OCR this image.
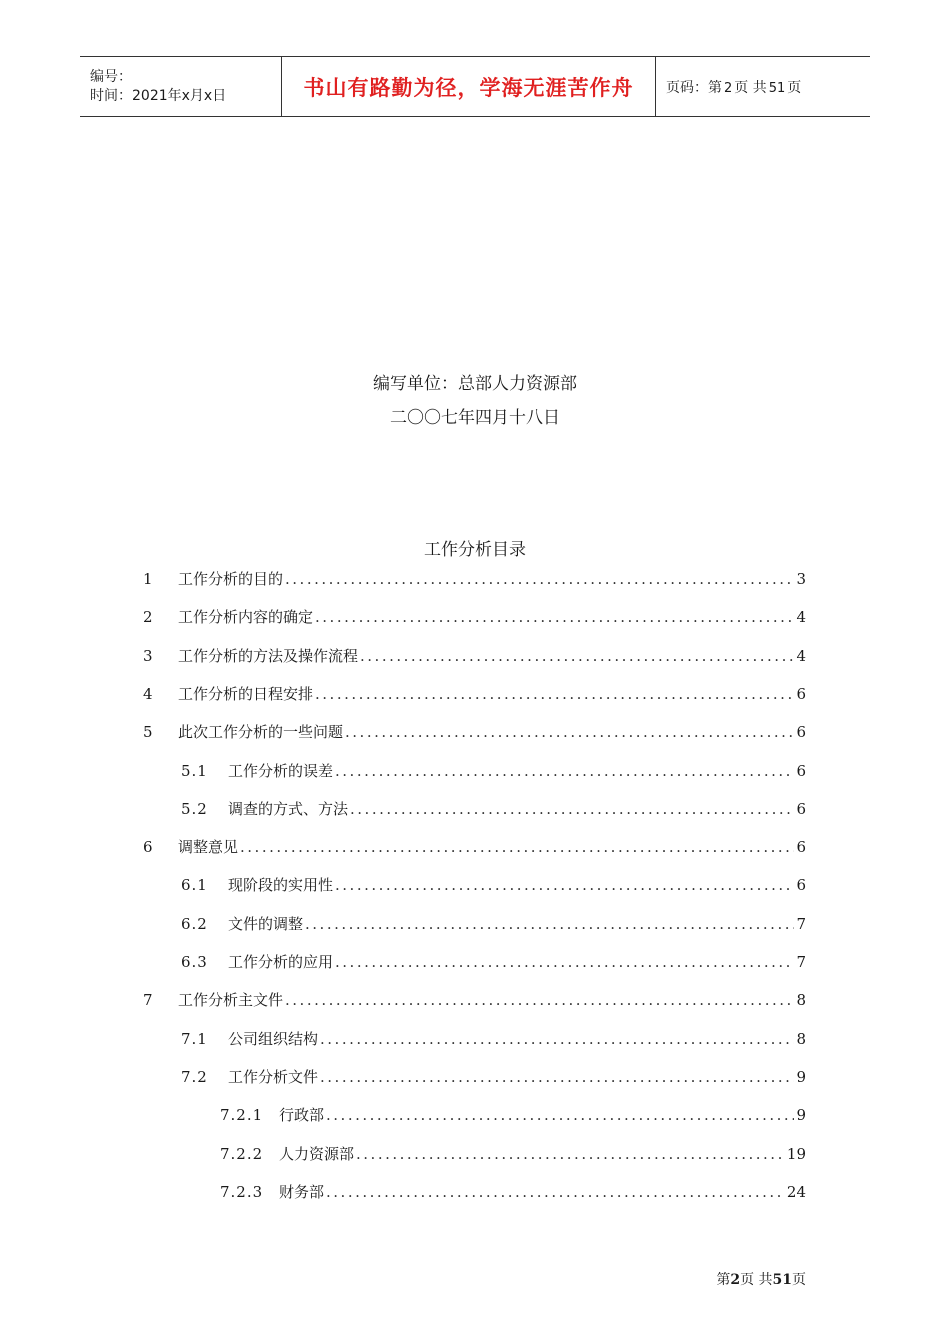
编号：
时间：2021年x月x日	书山有路勤为径，学海无涯苦作舟 页码：第 2 页 共 51 页
编写单位：总部人力资源部
二〇〇七年四月十八日
工作分析目录
1	工作分析的目的 .....	3
2	工作分析内容的确定 .....	4
3	工作分析的方法及操作流程 .....	4
4	工作分析的日程安排 .....	6
5	此次工作分析的一些问题 .....	6
5.1	工作分析的误差 .....	6
5.2	调查的方式、方法 .....	6
6	调整意见 .....	6
6.1	现阶段的实用性 .....	6
6.2	文件的调整 .....	7
6.3	工作分析的应用 .....	7
7	工作分析主文件 .....	8
7.1	公司组织结构 .....	8
7.2	工作分析文件 .....	9
7.2.1	行政部 .....	9
7.2.2	人力资源部 .....	19
7.2.3	财务部 .....	24
第2页 共51页
